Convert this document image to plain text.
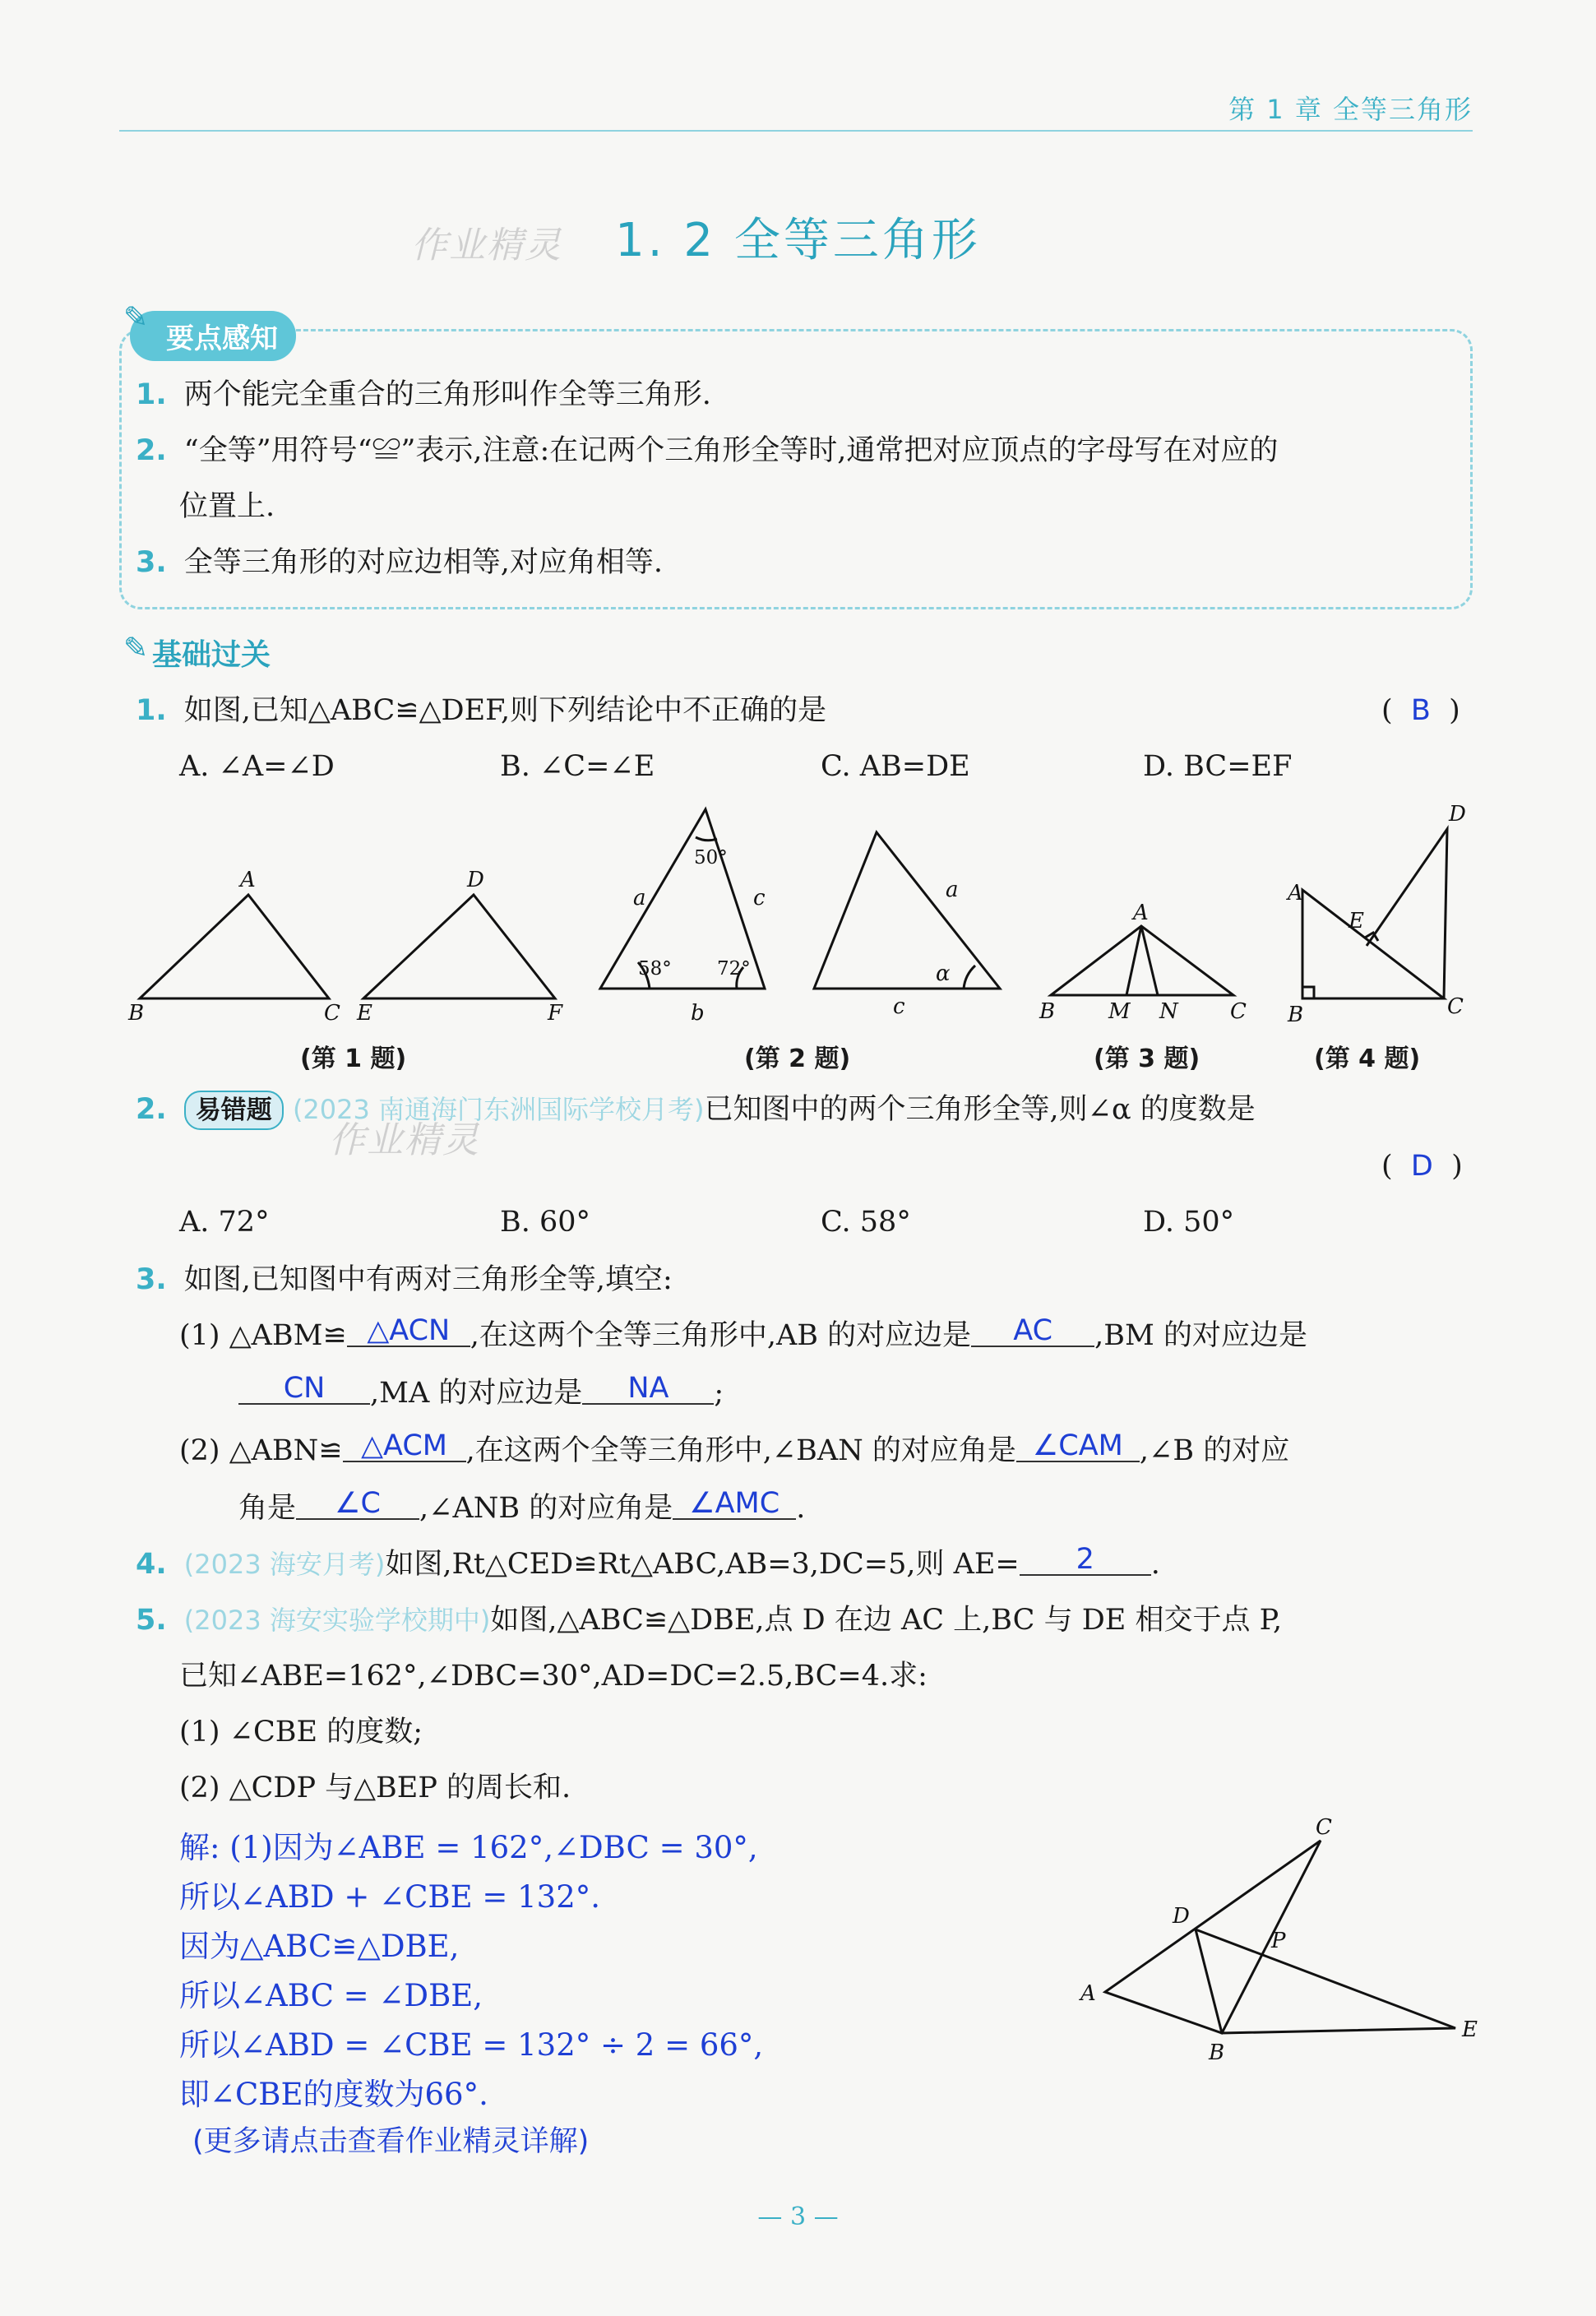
第 1 章 全等三角形
作业精灵	1. 2 全等三角形
要点感知
✎
1. 两个能完全重合的三角形叫作全等三角形.
2. “全等”用符号“≌”表示,注意:在记两个三角形全等时,通常把对应顶点的字母写在对应的
位置上.
3. 全等三角形的对应边相等,对应角相等.
✎ 基础过关
1. 如图,已知△ABC≌△DEF,则下列结论中不正确的是	(  B  )
A. ∠A=∠D	B. ∠C=∠E	C. AB=DE	D. BC=EF
A
B	C
D
E	F
50°
a	c
58° 72°
b
a
α
c
A
B M N C
D
A
E
B	C
(第 1 题)	(第 2 题)	(第 3 题)	(第 4 题)
2. 易错题 (2023 南通海门东洲国际学校月考)已知图中的两个三角形全等,则∠α 的度数是
作业精灵
(  D  )
A. 72°	B. 60°	C. 58°	D. 50°
3. 如图,已知图中有两对三角形全等,填空:
(1) △ABM≌ △ACN ,在这两个全等三角形中,AB 的对应边是 AC ,BM 的对应边是
CN ,MA 的对应边是 NA ;
(2) △ABN≌ △ACM ,在这两个全等三角形中,∠BAN 的对应角是 ∠CAM ,∠B 的对应
角是 ∠C ,∠ANB 的对应角是 ∠AMC .
4. (2023 海安月考)如图,Rt△CED≌Rt△ABC,AB=3,DC=5,则 AE= 2 .
5. (2023 海安实验学校期中)如图,△ABC≌△DBE,点 D 在边 AC 上,BC 与 DE 相交于点 P,
已知∠ABE=162°,∠DBC=30°,AD=DC=2.5,BC=4.求:
(1) ∠CBE 的度数;
(2) △CDP 与△BEP 的周长和.
解: (1)因为∠ABE = 162°,∠DBC = 30°,
所以∠ABD + ∠CBE = 132°.
因为△ABC≌△DBE,
所以∠ABC = ∠DBE,
所以∠ABD = ∠CBE = 132° ÷ 2 = 66°,
即∠CBE的度数为66°.
(更多请点击查看作业精灵详解)
C
D
P
A
B
E
— 3 —
